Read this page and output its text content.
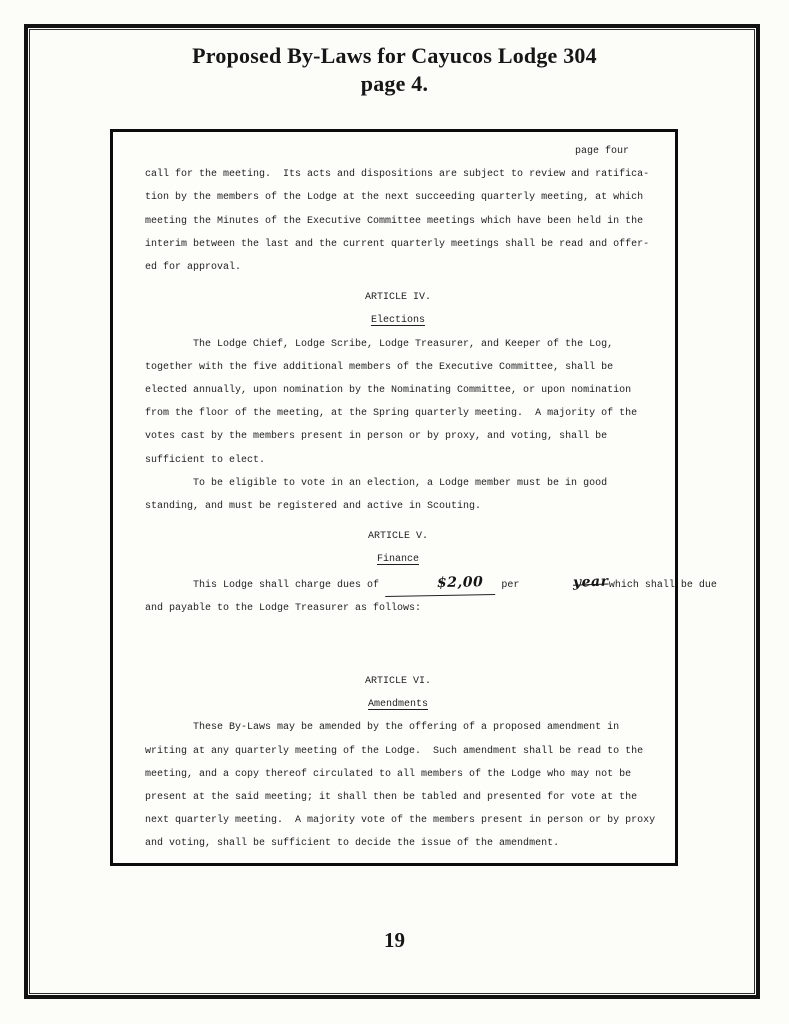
Proposed By-Laws for Cayucos Lodge 304
page 4.
page four
call for the meeting.  Its acts and dispositions are subject to review and ratifica-
tion by the members of the Lodge at the next succeeding quarterly meeting, at which
meeting the Minutes of the Executive Committee meetings which have been held in the
interim between the last and the current quarterly meetings shall be read and offer-
ed for approval.
ARTICLE IV.
Elections
The Lodge Chief, Lodge Scribe, Lodge Treasurer, and Keeper of the Log,
together with the five additional members of the Executive Committee, shall be
elected annually, upon nomination by the Nominating Committee, or upon nomination
from the floor of the meeting, at the Spring quarterly meeting.  A majority of the
votes cast by the members present in person or by proxy, and voting, shall be
sufficient to elect.
To be eligible to vote in an election, a Lodge member must be in good
standing, and must be registered and active in Scouting.
ARTICLE V.
Finance
This Lodge shall charge dues of	$2,00 per	yearwhich shall be due
and payable to the Lodge Treasurer as follows:
ARTICLE VI.
Amendments
These By-Laws may be amended by the offering of a proposed amendment in
writing at any quarterly meeting of the Lodge.  Such amendment shall be read to the
meeting, and a copy thereof circulated to all members of the Lodge who may not be
present at the said meeting; it shall then be tabled and presented for vote at the
next quarterly meeting.  A majority vote of the members present in person or by proxy
and voting, shall be sufficient to decide the issue of the amendment.
19
